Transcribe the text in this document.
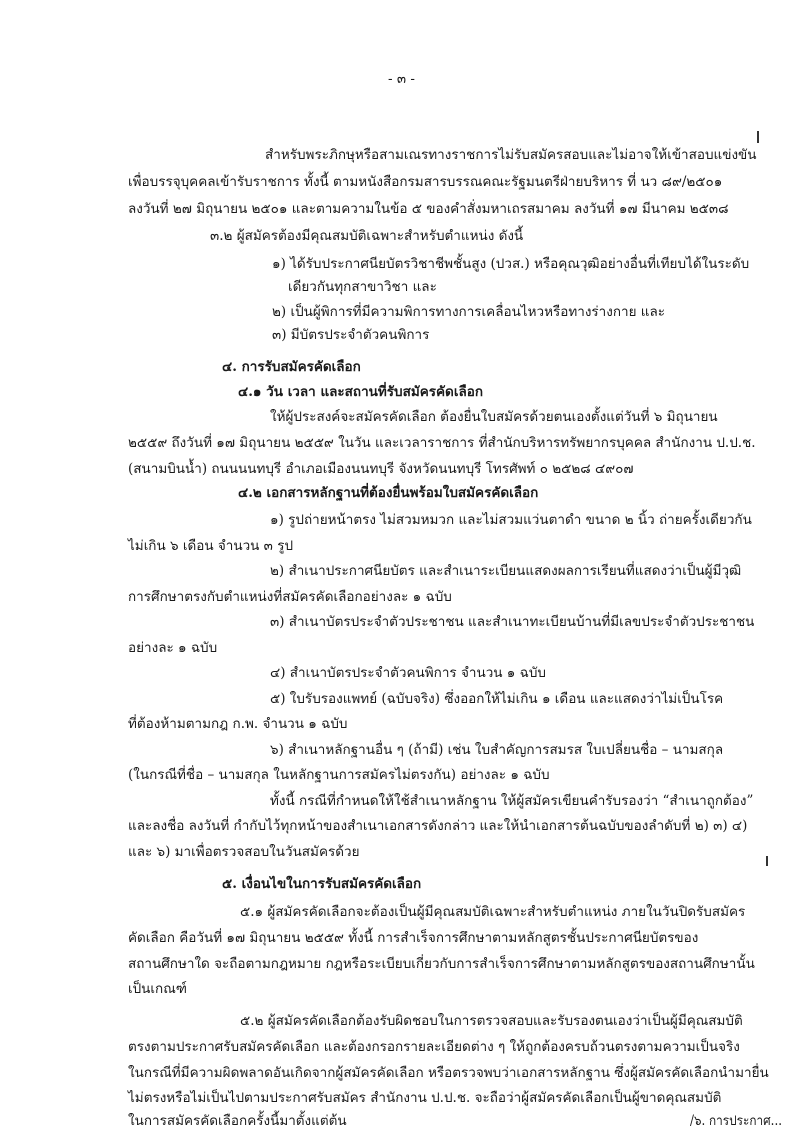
- ๓ -
สำหรับพระภิกษุหรือสามเณรทางราชการไม่รับสมัครสอบและไม่อาจให้เข้าสอบแข่งขัน
เพื่อบรรจุบุคคลเข้ารับราชการ ทั้งนี้ ตามหนังสือกรมสารบรรณคณะรัฐมนตรีฝ่ายบริหาร ที่ นว ๘๙/๒๕๐๑
ลงวันที่ ๒๗ มิถุนายน ๒๕๐๑ และตามความในข้อ ๕ ของคำสั่งมหาเถรสมาคม ลงวันที่ ๑๗ มีนาคม ๒๕๓๘
๓.๒ ผู้สมัครต้องมีคุณสมบัติเฉพาะสำหรับตำแหน่ง ดังนี้
๑) ได้รับประกาศนียบัตรวิชาชีพชั้นสูง (ปวส.) หรือคุณวุฒิอย่างอื่นที่เทียบได้ในระดับ
เดียวกันทุกสาขาวิชา และ
๒) เป็นผู้พิการที่มีความพิการทางการเคลื่อนไหวหรือทางร่างกาย และ
๓) มีบัตรประจำตัวคนพิการ
๔. การรับสมัครคัดเลือก
๔.๑ วัน เวลา และสถานที่รับสมัครคัดเลือก
ให้ผู้ประสงค์จะสมัครคัดเลือก ต้องยื่นใบสมัครด้วยตนเองตั้งแต่วันที่ ๖ มิถุนายน
๒๕๕๙ ถึงวันที่ ๑๗ มิถุนายน ๒๕๕๙ ในวัน และเวลาราชการ ที่สำนักบริหารทรัพยากรบุคคล สำนักงาน ป.ป.ช.
(สนามบินน้ำ) ถนนนนทบุรี อำเภอเมืองนนทบุรี จังหวัดนนทบุรี โทรศัพท์ ๐ ๒๕๒๘ ๔๙๐๗
๔.๒ เอกสารหลักฐานที่ต้องยื่นพร้อมใบสมัครคัดเลือก
๑) รูปถ่ายหน้าตรง ไม่สวมหมวก และไม่สวมแว่นตาดำ ขนาด ๒ นิ้ว ถ่ายครั้งเดียวกัน
ไม่เกิน ๖ เดือน จำนวน ๓ รูป
๒) สำเนาประกาศนียบัตร และสำเนาระเบียนแสดงผลการเรียนที่แสดงว่าเป็นผู้มีวุฒิ
การศึกษาตรงกับตำแหน่งที่สมัครคัดเลือกอย่างละ ๑ ฉบับ
๓) สำเนาบัตรประจำตัวประชาชน และสำเนาทะเบียนบ้านที่มีเลขประจำตัวประชาชน
อย่างละ ๑ ฉบับ
๔) สำเนาบัตรประจำตัวคนพิการ จำนวน ๑ ฉบับ
๕) ใบรับรองแพทย์ (ฉบับจริง) ซึ่งออกให้ไม่เกิน ๑ เดือน และแสดงว่าไม่เป็นโรค
ที่ต้องห้ามตามกฎ ก.พ. จำนวน ๑ ฉบับ
๖) สำเนาหลักฐานอื่น ๆ (ถ้ามี) เช่น ใบสำคัญการสมรส ใบเปลี่ยนชื่อ – นามสกุล
(ในกรณีที่ชื่อ – นามสกุล ในหลักฐานการสมัครไม่ตรงกัน) อย่างละ ๑ ฉบับ
ทั้งนี้ กรณีที่กำหนดให้ใช้สำเนาหลักฐาน ให้ผู้สมัครเขียนคำรับรองว่า “สำเนาถูกต้อง”
และลงชื่อ ลงวันที่ กำกับไว้ทุกหน้าของสำเนาเอกสารดังกล่าว และให้นำเอกสารต้นฉบับของลำดับที่ ๒) ๓) ๔)
และ ๖) มาเพื่อตรวจสอบในวันสมัครด้วย
๕. เงื่อนไขในการรับสมัครคัดเลือก
๕.๑ ผู้สมัครคัดเลือกจะต้องเป็นผู้มีคุณสมบัติเฉพาะสำหรับตำแหน่ง ภายในวันปิดรับสมัคร
คัดเลือก คือวันที่ ๑๗ มิถุนายน ๒๕๕๙ ทั้งนี้ การสำเร็จการศึกษาตามหลักสูตรชั้นประกาศนียบัตรของ
สถานศึกษาใด จะถือตามกฎหมาย กฎหรือระเบียบเกี่ยวกับการสำเร็จการศึกษาตามหลักสูตรของสถานศึกษานั้น
เป็นเกณฑ์
๕.๒ ผู้สมัครคัดเลือกต้องรับผิดชอบในการตรวจสอบและรับรองตนเองว่าเป็นผู้มีคุณสมบัติ
ตรงตามประกาศรับสมัครคัดเลือก และต้องกรอกรายละเอียดต่าง ๆ ให้ถูกต้องครบถ้วนตรงตามความเป็นจริง
ในกรณีที่มีความผิดพลาดอันเกิดจากผู้สมัครคัดเลือก หรือตรวจพบว่าเอกสารหลักฐาน ซึ่งผู้สมัครคัดเลือกนำมายื่น
ไม่ตรงหรือไม่เป็นไปตามประกาศรับสมัคร สำนักงาน ป.ป.ช. จะถือว่าผู้สมัครคัดเลือกเป็นผู้ขาดคุณสมบัติ
ในการสมัครคัดเลือกครั้งนี้มาตั้งแต่ต้น	/๖. การประกาศ...
